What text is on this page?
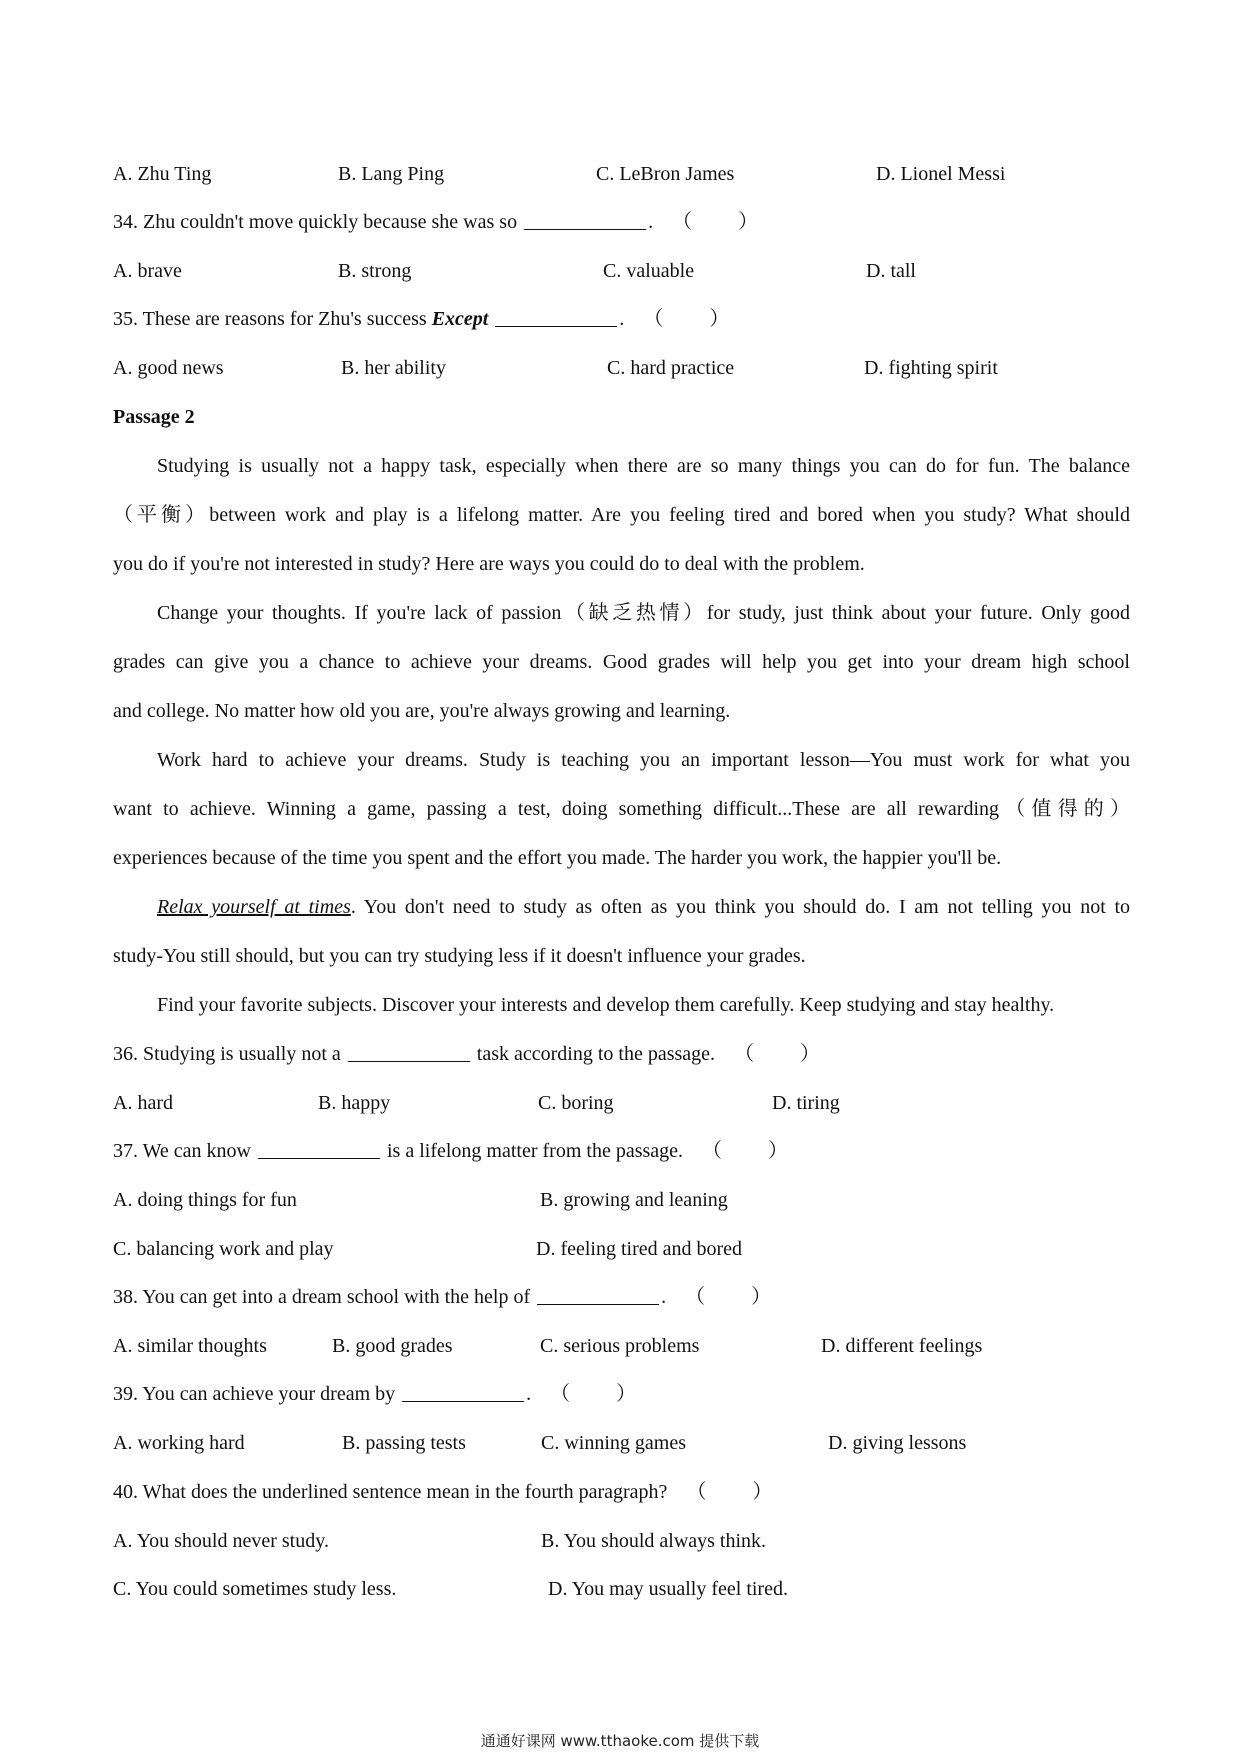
A. Zhu Ting	B. Lang Ping	C. LeBron James	D. Lionel Messi
34. Zhu couldn't move quickly because she was so	. （　　）
A. brave	B. strong	C. valuable	D. tall
35. These are reasons for Zhu's success Except	. （　　）
A. good news	B. her ability	C. hard practice	D. fighting spirit
Passage 2

Studying is usually not a happy task, especially when there are so many things you can do for fun. The balance

（平衡）between work and play is a lifelong matter. Are you feeling tired and bored when you study? What should

you do if you're not interested in study? Here are ways you could do to deal with the problem.

Change your thoughts. If you're lack of passion（缺乏热情）for study, just think about your future. Only good

grades can give you a chance to achieve your dreams. Good grades will help you get into your dream high school

and college. No matter how old you are, you're always growing and learning.

Work hard to achieve your dreams. Study is teaching you an important lesson—You must work for what you

want to achieve. Winning a game, passing a test, doing something difficult...These are all rewarding（值得的）

experiences because of the time you spent and the effort you made. The harder you work, the happier you'll be.

Relax yourself at times. You don't need to study as often as you think you should do. I am not telling you not to

study-You still should, but you can try studying less if it doesn't influence your grades.

Find your favorite subjects. Discover your interests and develop them carefully. Keep studying and stay healthy.

36. Studying is usually not a	task according to the passage. （　　）
A. hard	B. happy	C. boring	D. tiring
37. We can know	is a lifelong matter from the passage. （　　）
A. doing things for fun	B. growing and leaning
C. balancing work and play	D. feeling tired and bored
38. You can get into a dream school with the help of	. （　　）
A. similar thoughts	B. good grades	C. serious problems	D. different feelings
39. You can achieve your dream by	. （　　）
A. working hard	B. passing tests	C. winning games	D. giving lessons
40. What does the underlined sentence mean in the fourth paragraph? （　　）
A. You should never study.	B. You should always think.
C. You could sometimes study less.	D. You may usually feel tired.
通通好课网 www.tthaoke.com 提供下载
